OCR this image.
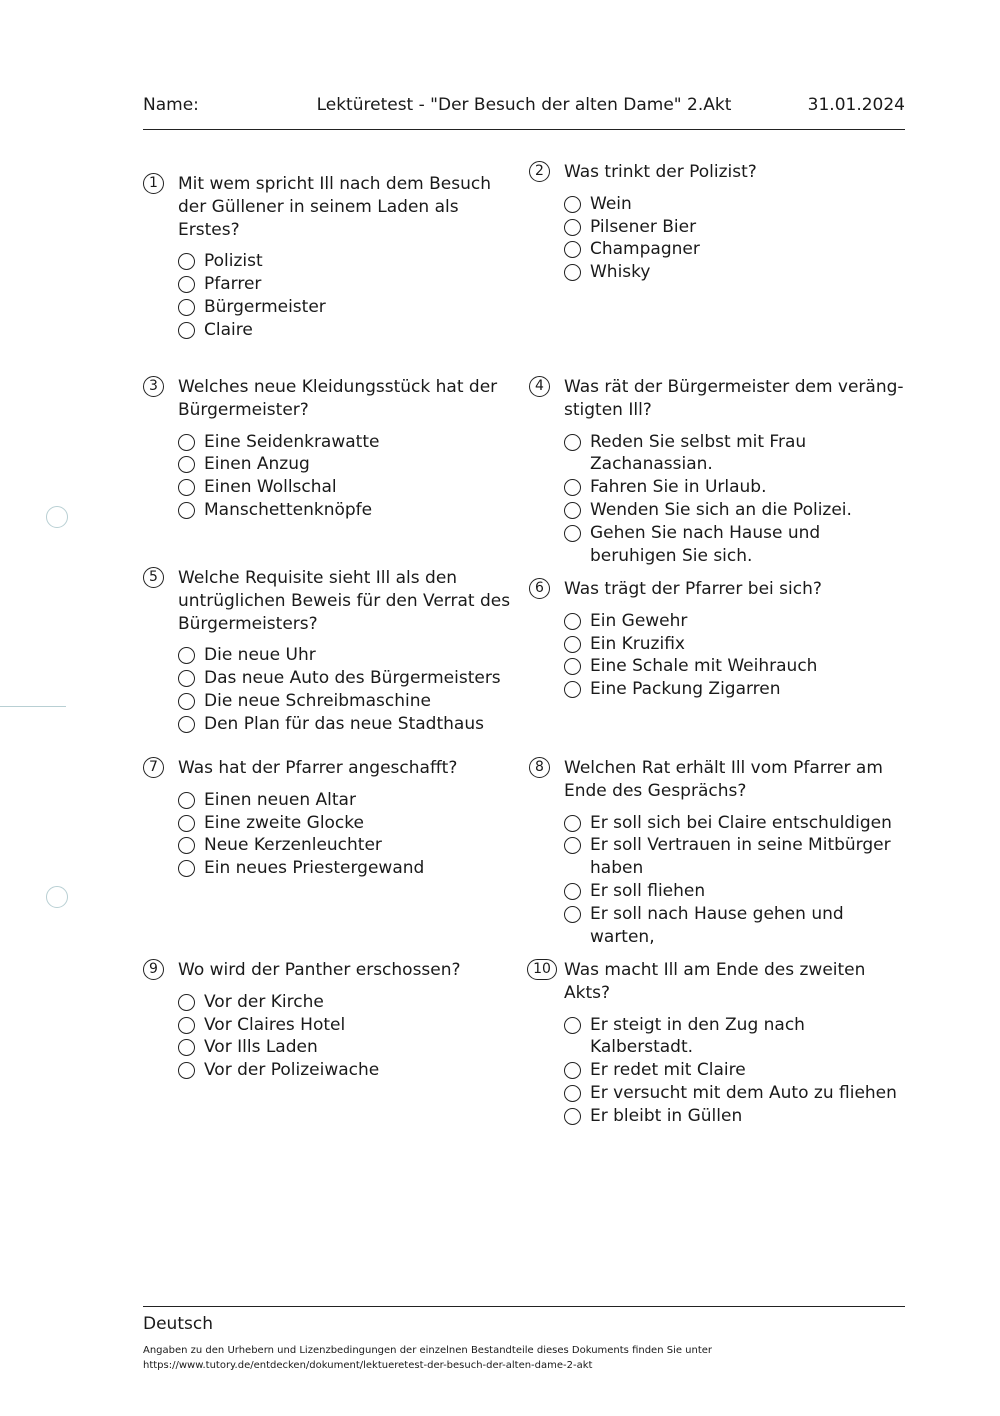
Lektüretest - "Der Besuch der alten Dame" 2.Akt
Name:	31.01.2024
1	Mit wem spricht Ill nach dem Besuch der Güllener in seinem Laden als Erstes?
Polizist
Pfarrer
Bürgermeister
Claire
2	Was trinkt der Polizist?
Wein
Pilsener Bier
Champagner
Whisky
3	Welches neue Kleidungsstück hat der Bürgermeister?
Eine Seidenkrawatte
Einen Anzug
Einen Wollschal
Manschettenknöpfe
4	Was rät der Bürgermeister dem verängstigten Ill?
Reden Sie selbst mit Frau Zachanassian.
Fahren Sie in Urlaub.
Wenden Sie sich an die Polizei.
Gehen Sie nach Hause und beruhigen Sie sich.
5	Welche Requisite sieht Ill als den untrüglichen Beweis für den Verrat des Bürgermeisters?
Die neue Uhr
Das neue Auto des Bürgermeisters
Die neue Schreibmaschine
Den Plan für das neue Stadthaus
6	Was trägt der Pfarrer bei sich?
Ein Gewehr
Ein Kruzifix
Eine Schale mit Weihrauch
Eine Packung Zigarren
7	Was hat der Pfarrer angeschafft?
Einen neuen Altar
Eine zweite Glocke
Neue Kerzenleuchter
Ein neues Priestergewand
8	Welchen Rat erhält Ill vom Pfarrer am Ende des Gesprächs?
Er soll sich bei Claire entschuldigen
Er soll Vertrauen in seine Mitbürger haben
Er soll fliehen
Er soll nach Hause gehen und warten,
9	Wo wird der Panther erschossen?
Vor der Kirche
Vor Claires Hotel
Vor Ills Laden
Vor der Polizeiwache
10 Was macht Ill am Ende des zweiten Akts?
Er steigt in den Zug nach Kalberstadt.
Er redet mit Claire
Er versucht mit dem Auto zu fliehen
Er bleibt in Güllen
Deutsch
Angaben zu den Urhebern und Lizenzbedingungen der einzelnen Bestandteile dieses Dokuments finden Sie unter
https://www.tutory.de/entdecken/dokument/lektueretest-der-besuch-der-alten-dame-2-akt
